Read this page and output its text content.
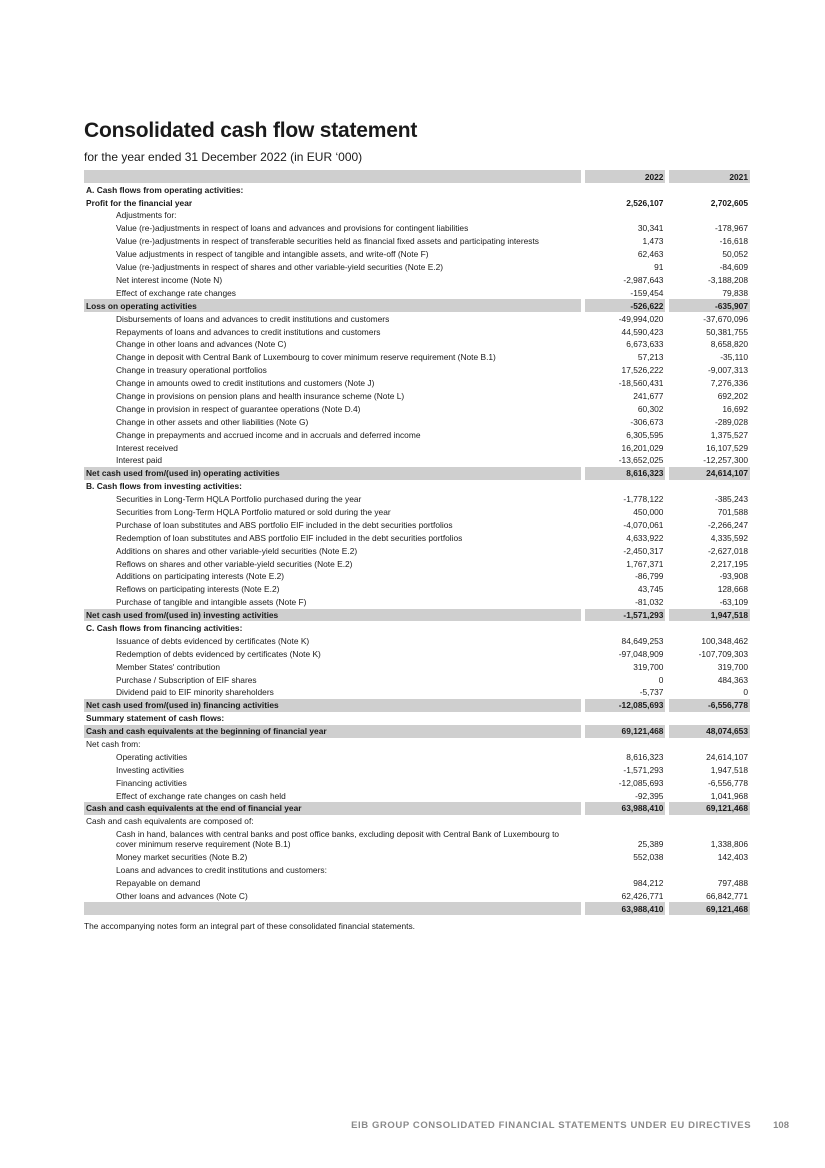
Consolidated cash flow statement
for the year ended 31 December 2022 (in EUR ‘000)
		2022		2021
A. Cash flows from operating activities:				
Profit for the financial year		2,526,107		2,702,605
Adjustments for:				
Value (re-)adjustments in respect of loans and advances and provisions for contingent liabilities		30,341		-178,967
Value (re-)adjustments in respect of transferable securities held as financial fixed assets and participating interests		1,473		-16,618
Value adjustments in respect of tangible and intangible assets, and write-off (Note F)		62,463		50,052
Value (re-)adjustments in respect of shares and other variable-yield securities (Note E.2)		91		-84,609
Net interest income (Note N)		-2,987,643		-3,188,208
Effect of exchange rate changes		-159,454		79,838
Loss on operating activities		-526,622		-635,907
Disbursements of loans and advances to credit institutions and customers		-49,994,020		-37,670,096
Repayments of loans and advances to credit institutions and customers		44,590,423		50,381,755
Change in other loans and advances (Note C)		6,673,633		8,658,820
Change in deposit with Central Bank of Luxembourg to cover minimum reserve requirement (Note B.1)		57,213		-35,110
Change in treasury operational portfolios		17,526,222		-9,007,313
Change in amounts owed to credit institutions and customers (Note J)		-18,560,431		7,276,336
Change in provisions on pension plans and health insurance scheme (Note L)		241,677		692,202
Change in provision in respect of guarantee operations (Note D.4)		60,302		16,692
Change in other assets and other liabilities (Note G)		-306,673		-289,028
Change in prepayments and accrued income and in accruals and deferred income		6,305,595		1,375,527
Interest received		16,201,029		16,107,529
Interest paid		-13,652,025		-12,257,300
Net cash used from/(used in) operating activities		8,616,323		24,614,107
B. Cash flows from investing activities:				
Securities in Long-Term HQLA Portfolio purchased during the year		-1,778,122		-385,243
Securities from Long-Term HQLA Portfolio matured or sold during the year		450,000		701,588
Purchase of loan substitutes and ABS portfolio EIF included in the debt securities portfolios		-4,070,061		-2,266,247
Redemption of loan substitutes and ABS portfolio EIF included in the debt securities portfolios		4,633,922		4,335,592
Additions on shares and other variable-yield securities (Note E.2)		-2,450,317		-2,627,018
Reflows on shares and other variable-yield securities (Note E.2)		1,767,371		2,217,195
Additions on participating interests (Note E.2)		-86,799		-93,908
Reflows on participating interests (Note E.2)		43,745		128,668
Purchase of tangible and intangible assets (Note F)		-81,032		-63,109
Net cash used from/(used in) investing activities		-1,571,293		1,947,518
C. Cash flows from financing activities:				
Issuance of debts evidenced by certificates (Note K)		84,649,253		100,348,462
Redemption of debts evidenced by certificates (Note K)		-97,048,909		-107,709,303
Member States' contribution		319,700		319,700
Purchase / Subscription of EIF shares		0		484,363
Dividend paid to EIF minority shareholders		-5,737		0
Net cash used from/(used in) financing activities		-12,085,693		-6,556,778
Summary statement of cash flows:				
Cash and cash equivalents at the beginning of financial year		69,121,468		48,074,653
Net cash from:				
Operating activities		8,616,323		24,614,107
Investing activities		-1,571,293		1,947,518
Financing activities		-12,085,693		-6,556,778
Effect of exchange rate changes on cash held		-92,395		1,041,968
Cash and cash equivalents at the end of financial year		63,988,410		69,121,468
Cash and cash equivalents are composed of:				
Cash in hand, balances with central banks and post office banks, excluding deposit with Central Bank of Luxembourg to cover minimum reserve requirement (Note B.1)		25,389		1,338,806
Money market securities (Note B.2)		552,038		142,403
Loans and advances to credit institutions and customers:				
Repayable on demand		984,212		797,488
Other loans and advances (Note C)		62,426,771		66,842,771
		63,988,410		69,121,468
The accompanying notes form an integral part of these consolidated financial statements.
EIB GROUP CONSOLIDATED FINANCIAL STATEMENTS UNDER EU DIRECTIVES 108
